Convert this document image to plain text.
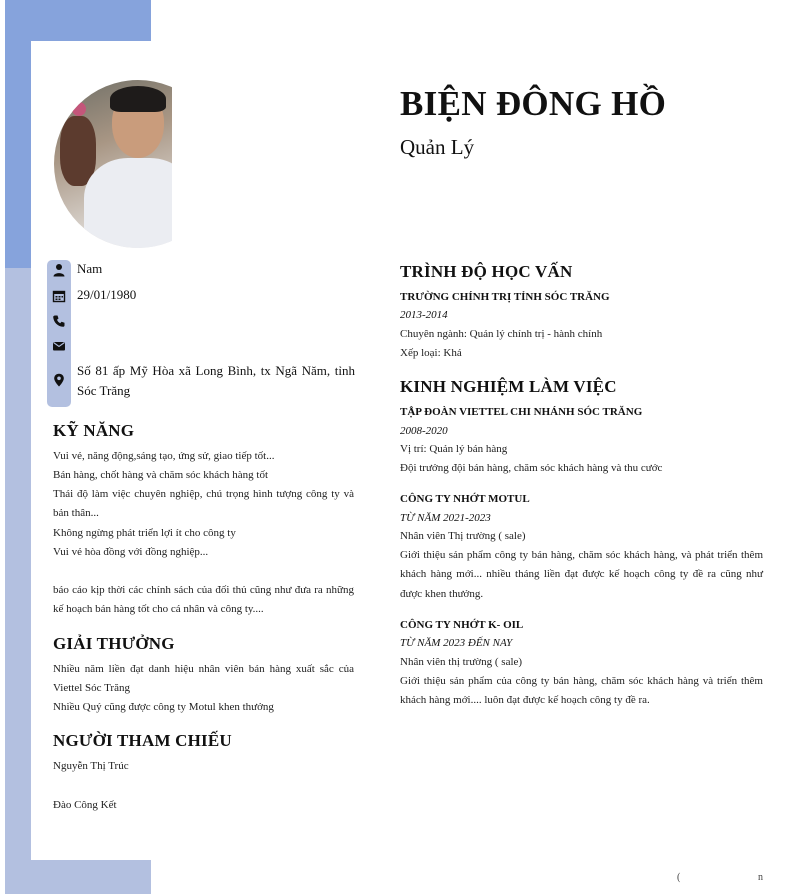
BIỆN ĐÔNG HỒ
Quản Lý
Nam
29/01/1980
Số 81 ấp Mỹ Hòa xã Long Bình, tx Ngã Năm, tỉnh Sóc Trăng
KỸ NĂNG
Vui vẻ, năng động,sáng tạo, ứng sử, giao tiếp tốt...
Bán hàng, chốt hàng và chăm sóc khách hàng tốt
Thái độ làm việc chuyên nghiệp, chú trọng hình tượng công ty và bản thân...
Không ngừng phát triển lợi ít cho công ty
Vui vẻ hòa đồng với đồng nghiệp...
báo cáo kịp thời các chính sách của đối thủ cũng như đưa ra những kế hoạch bán hàng tốt cho cá nhân và công ty....
GIẢI THƯỞNG
Nhiều năm liền đạt danh hiệu nhân viên bán hàng xuất sắc của Viettel Sóc Trăng
Nhiều Quý cũng được công ty Motul khen thưởng
NGƯỜI THAM CHIẾU
Nguyễn Thị Trúc
Đào Công Kết
TRÌNH ĐỘ HỌC VẤN
TRƯỜNG CHÍNH TRỊ TỈNH SÓC TRĂNG
2013-2014
Chuyên ngành: Quản lý chính trị - hành chính
Xếp loại: Khá
KINH NGHIỆM LÀM VIỆC
TẬP ĐOÀN VIETTEL CHI NHÁNH SÓC TRĂNG
2008-2020
Vị trí: Quản lý bán hàng
Đội trưởng đội bán hàng, chăm sóc khách hàng và thu cước
CÔNG TY NHỚT MOTUL
TỪ NĂM 2021-2023
Nhân viên Thị trường ( sale)
Giới thiệu sản phẩm công ty bán hàng, chăm sóc khách hàng, và phát triển thêm khách hàng mới... nhiều tháng liền đạt được kế hoạch công ty đề ra cũng như được khen thưởng.
CÔNG TY NHỚT K- OIL
TỪ NĂM 2023 ĐẾN NAY
Nhân viên thị trường ( sale)
Giới thiệu sản phẩm của công ty bán hàng, chăm sóc khách hàng và triển thêm khách hàng mới.... luôn đạt được kế hoạch công ty đề ra.
(	n
